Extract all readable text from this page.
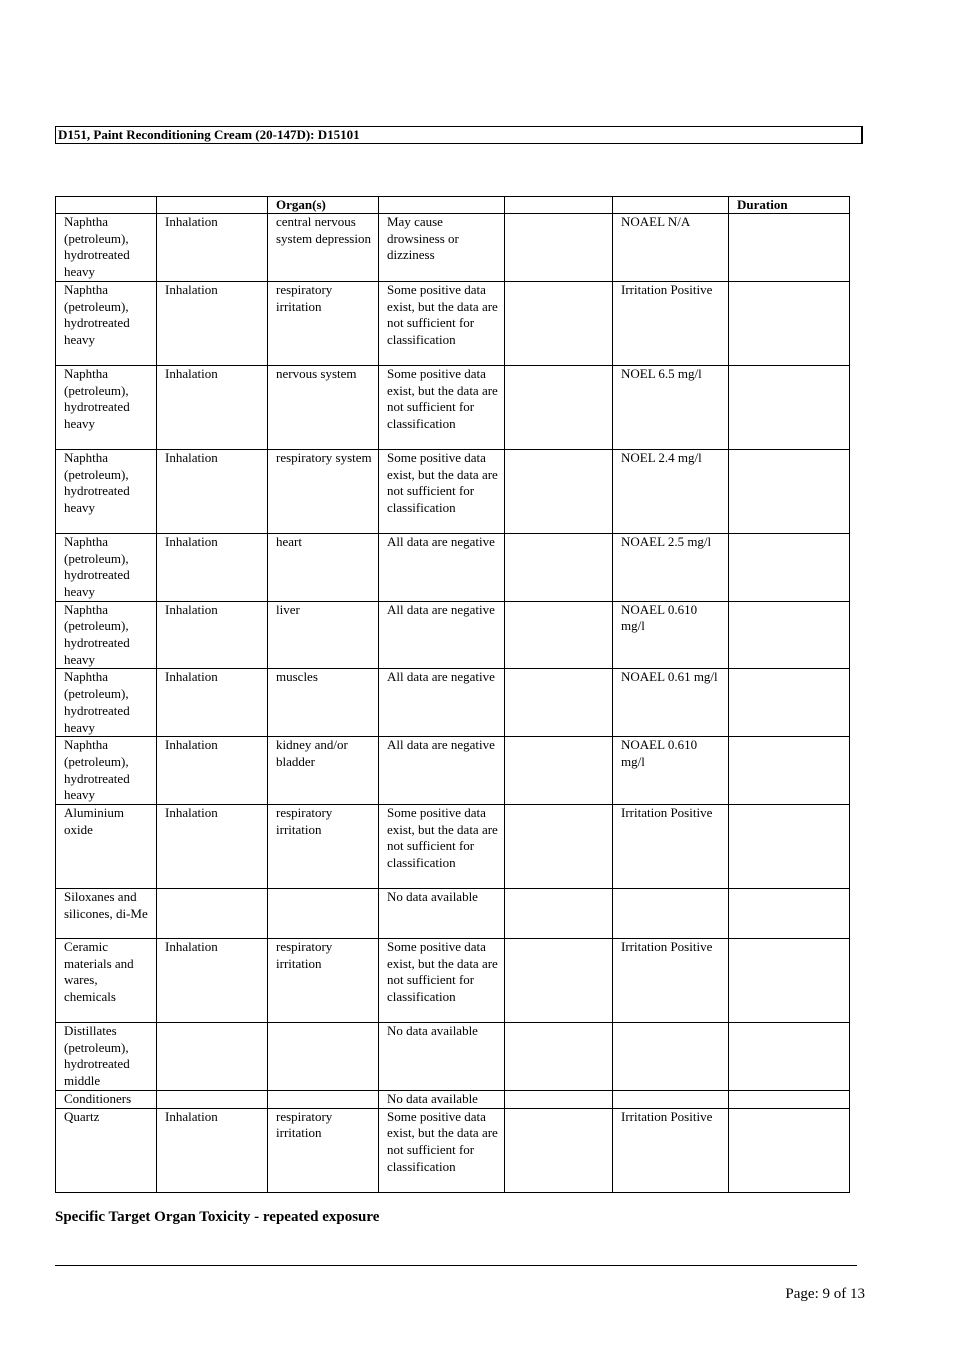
D151, Paint Reconditioning Cream (20-147D): D15101
		Organ(s)				Duration
Naphtha (petroleum), hydrotreated heavy	Inhalation	central nervous system depression	May cause drowsiness or dizziness		NOAEL N/A	
Naphtha (petroleum), hydrotreated heavy	Inhalation	respiratory irritation	Some positive data exist, but the data are not sufficient for classification		Irritation Positive	
Naphtha (petroleum), hydrotreated heavy	Inhalation	nervous system	Some positive data exist, but the data are not sufficient for classification		NOEL 6.5 mg/l	
Naphtha (petroleum), hydrotreated heavy	Inhalation	respiratory system	Some positive data exist, but the data are not sufficient for classification		NOEL 2.4 mg/l	
Naphtha (petroleum), hydrotreated heavy	Inhalation	heart	All data are negative		NOAEL 2.5 mg/l	
Naphtha (petroleum), hydrotreated heavy	Inhalation	liver	All data are negative		NOAEL 0.610 mg/l	
Naphtha (petroleum), hydrotreated heavy	Inhalation	muscles	All data are negative		NOAEL 0.61 mg/l	
Naphtha (petroleum), hydrotreated heavy	Inhalation	kidney and/or bladder	All data are negative		NOAEL 0.610 mg/l	
Aluminium oxide	Inhalation	respiratory irritation	Some positive data exist, but the data are not sufficient for classification		Irritation Positive	
Siloxanes and silicones, di-Me			No data available			
Ceramic materials and wares, chemicals	Inhalation	respiratory irritation	Some positive data exist, but the data are not sufficient for classification		Irritation Positive	
Distillates (petroleum), hydrotreated middle			No data available			
Conditioners			No data available			
Quartz	Inhalation	respiratory irritation	Some positive data exist, but the data are not sufficient for classification		Irritation Positive	
Specific Target Organ Toxicity - repeated exposure
Page: 9 of 13
